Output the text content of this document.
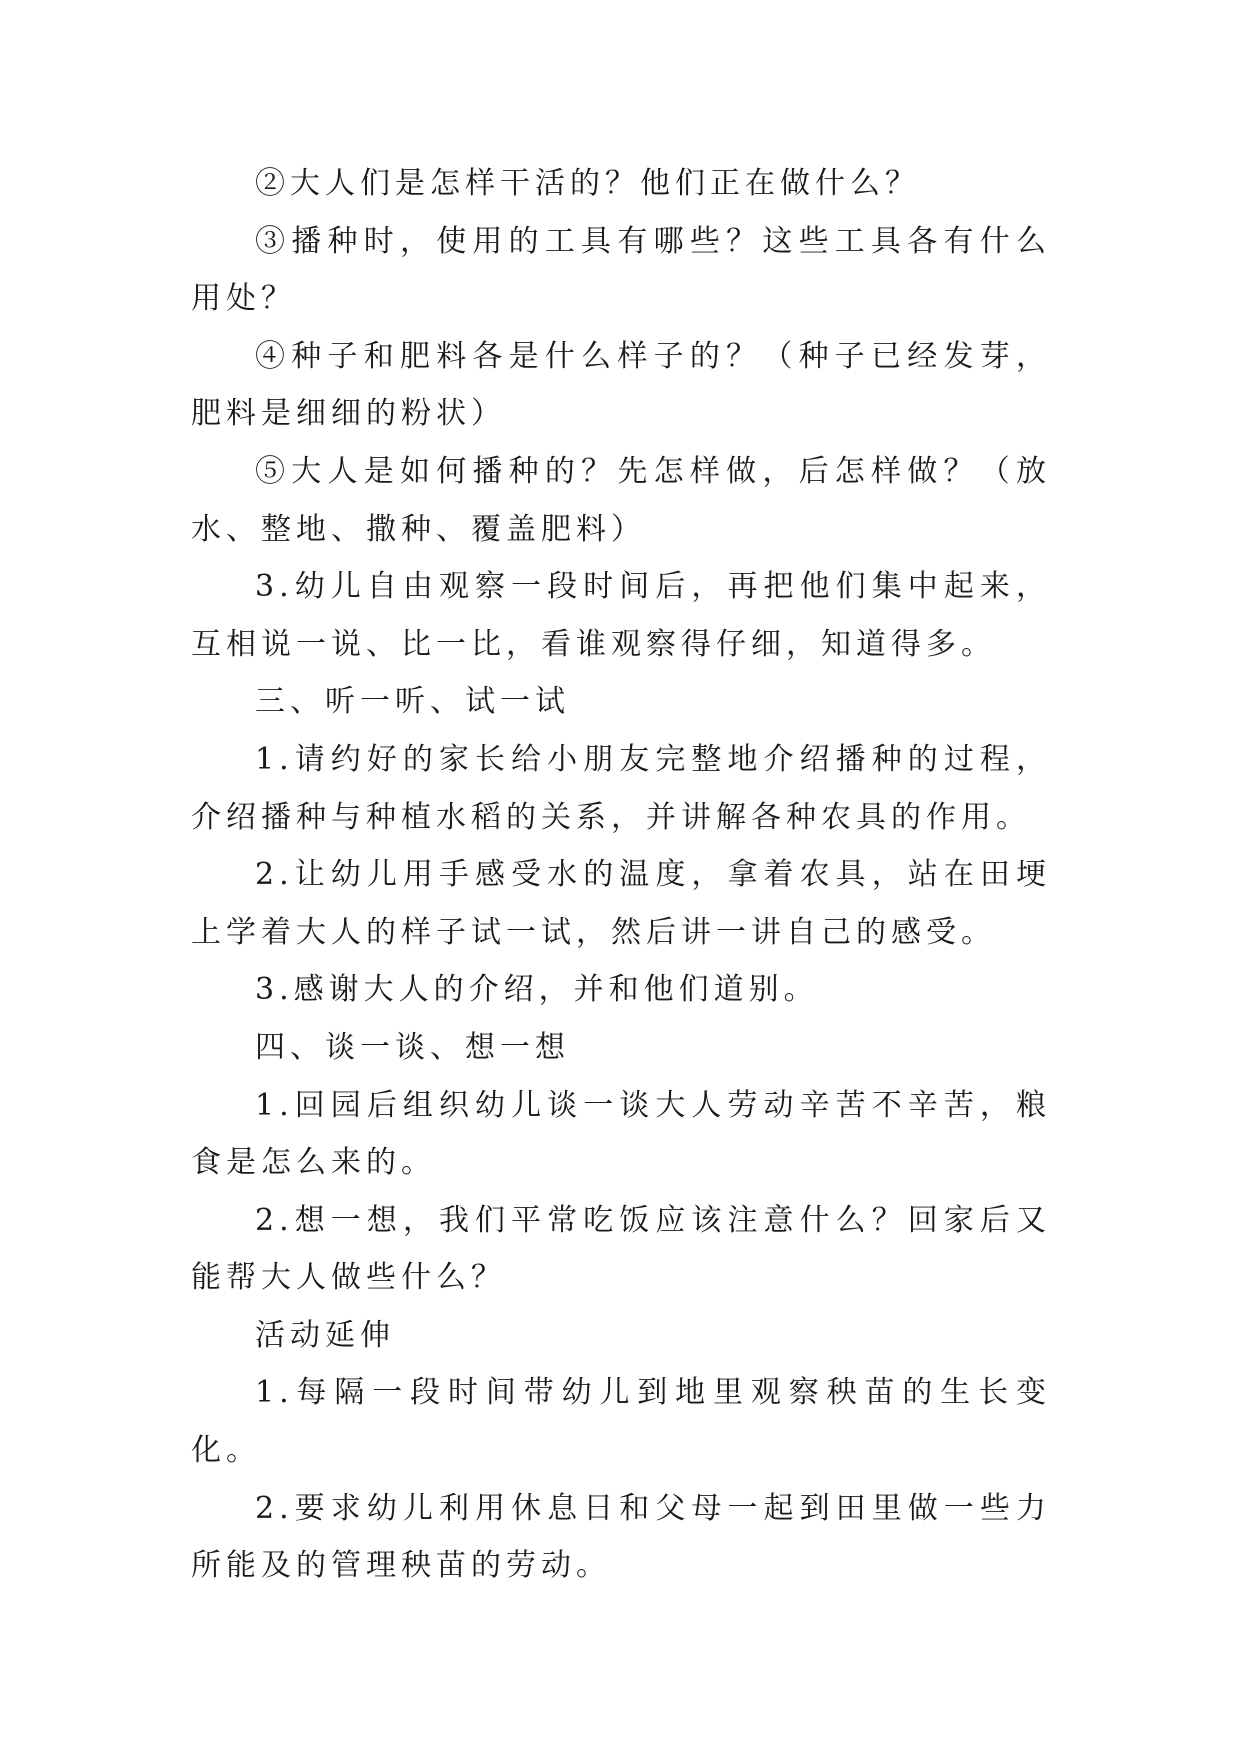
②大人们是怎样干活的？他们正在做什么？

③播种时，使用的工具有哪些？这些工具各有什么用处？

④种子和肥料各是什么样子的？（种子已经发芽，肥料是细细的粉状）

⑤大人是如何播种的？先怎样做，后怎样做？（放水、整地、撒种、覆盖肥料）

3.幼儿自由观察一段时间后，再把他们集中起来，互相说一说、比一比，看谁观察得仔细，知道得多。

三、听一听、试一试

1.请约好的家长给小朋友完整地介绍播种的过程，介绍播种与种植水稻的关系，并讲解各种农具的作用。

2.让幼儿用手感受水的温度，拿着农具，站在田埂上学着大人的样子试一试，然后讲一讲自己的感受。

3.感谢大人的介绍，并和他们道别。

四、谈一谈、想一想

1.回园后组织幼儿谈一谈大人劳动辛苦不辛苦，粮食是怎么来的。

2.想一想，我们平常吃饭应该注意什么？回家后又能帮大人做些什么？

活动延伸

1.每隔一段时间带幼儿到地里观察秧苗的生长变化。

2.要求幼儿利用休息日和父母一起到田里做一些力所能及的管理秧苗的劳动。
